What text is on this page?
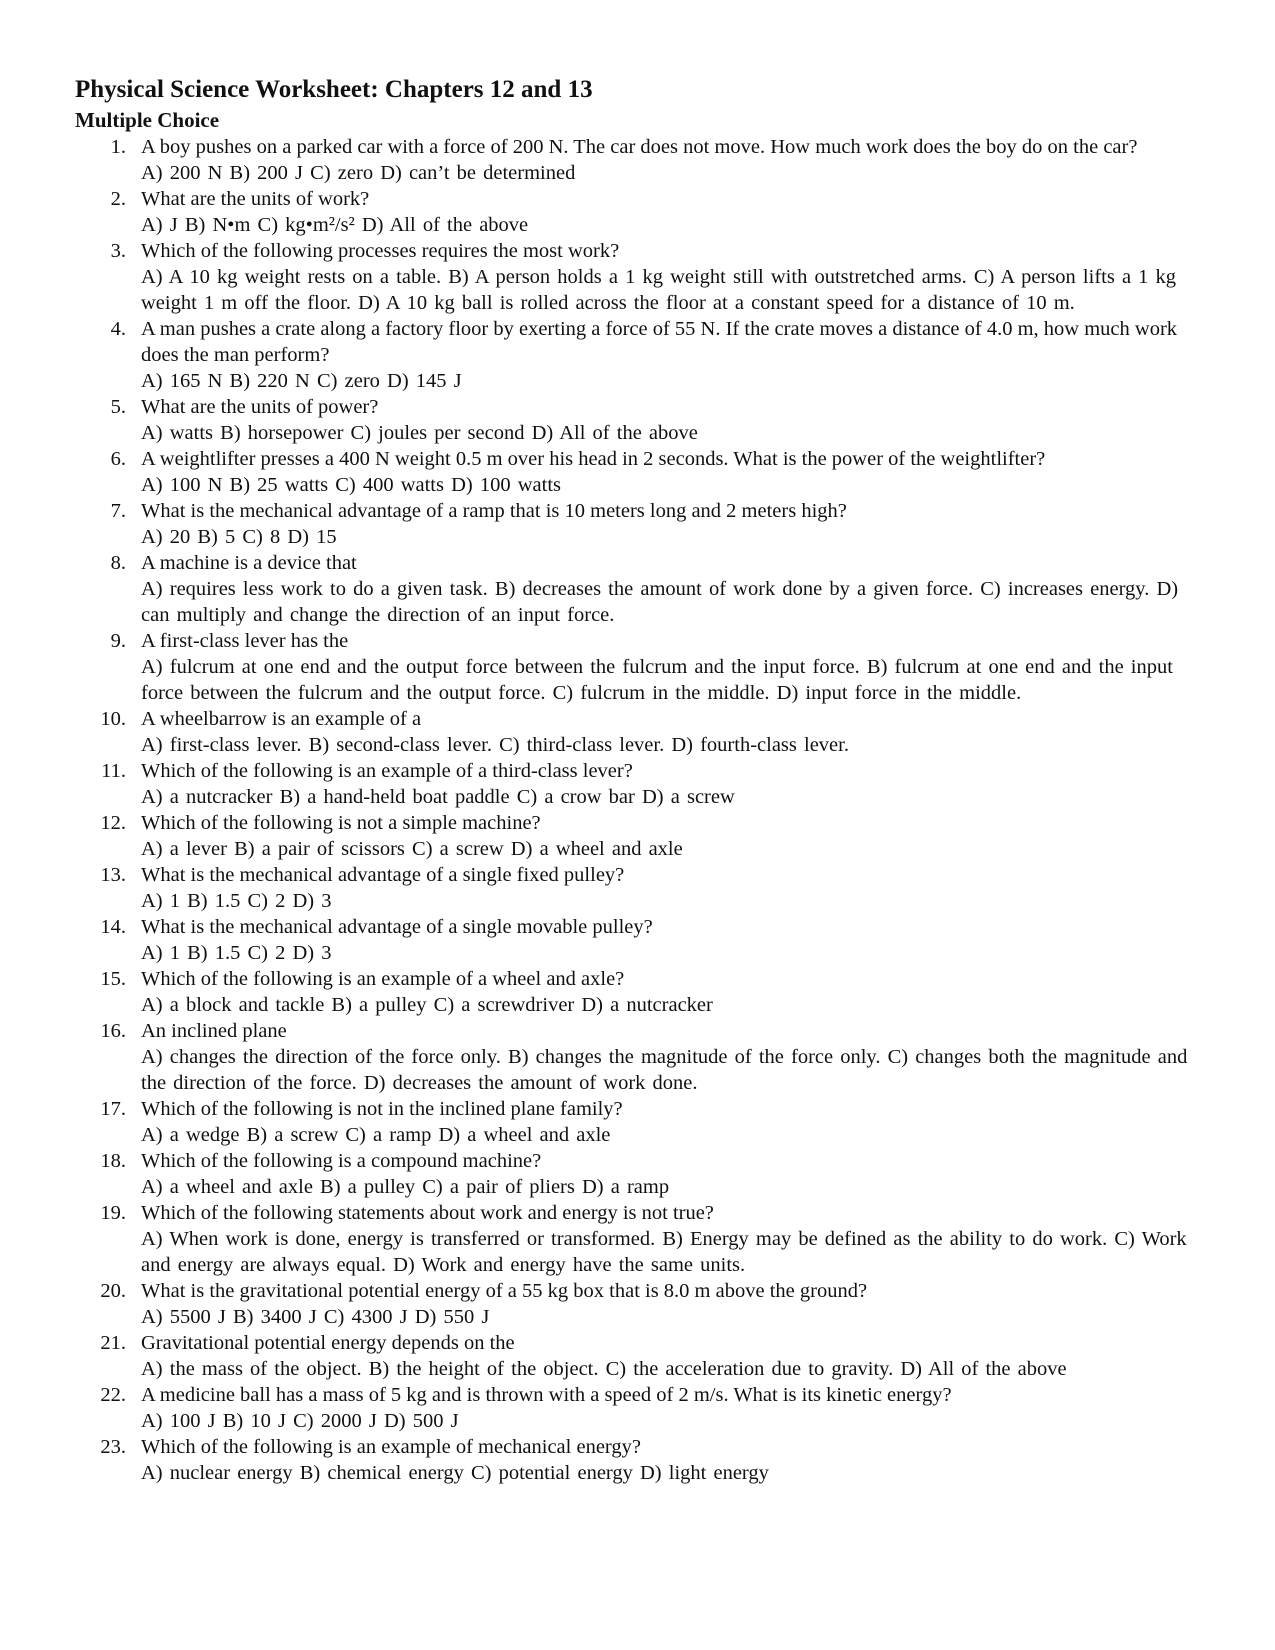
Physical Science Worksheet: Chapters 12 and 13
Multiple Choice
1. A boy pushes on a parked car with a force of 200 N. The car does not move. How much work does the boy do on the car?
A) 200 N B) 200 J C) zero D) can’t be determined
2. What are the units of work?
A) J B) N•m C) kg•m²/s² D) All of the above
3. Which of the following processes requires the most work?
A) A 10 kg weight rests on a table. B) A person holds a 1 kg weight still with outstretched arms. C) A person lifts a 1 kg weight 1 m off the floor. D) A 10 kg ball is rolled across the floor at a constant speed for a distance of 10 m.
4. A man pushes a crate along a factory floor by exerting a force of 55 N. If the crate moves a distance of 4.0 m, how much work does the man perform?
A) 165 N B) 220 N C) zero D) 145 J
5. What are the units of power?
A) watts B) horsepower C) joules per second D) All of the above
6. A weightlifter presses a 400 N weight 0.5 m over his head in 2 seconds. What is the power of the weightlifter?
A) 100 N B) 25 watts C) 400 watts D) 100 watts
7. What is the mechanical advantage of a ramp that is 10 meters long and 2 meters high?
A) 20 B) 5 C) 8 D) 15
8. A machine is a device that
A) requires less work to do a given task. B) decreases the amount of work done by a given force. C) increases energy. D) can multiply and change the direction of an input force.
9. A first-class lever has the
A) fulcrum at one end and the output force between the fulcrum and the input force. B) fulcrum at one end and the input force between the fulcrum and the output force. C) fulcrum in the middle. D) input force in the middle.
10. A wheelbarrow is an example of a
A) first-class lever. B) second-class lever. C) third-class lever. D) fourth-class lever.
11. Which of the following is an example of a third-class lever?
A) a nutcracker B) a hand-held boat paddle C) a crow bar D) a screw
12. Which of the following is not a simple machine?
A) a lever B) a pair of scissors C) a screw D) a wheel and axle
13. What is the mechanical advantage of a single fixed pulley?
A) 1 B) 1.5 C) 2 D) 3
14. What is the mechanical advantage of a single movable pulley?
A) 1 B) 1.5 C) 2 D) 3
15. Which of the following is an example of a wheel and axle?
A) a block and tackle B) a pulley C) a screwdriver D) a nutcracker
16. An inclined plane
A) changes the direction of the force only. B) changes the magnitude of the force only. C) changes both the magnitude and the direction of the force. D) decreases the amount of work done.
17. Which of the following is not in the inclined plane family?
A) a wedge B) a screw C) a ramp D) a wheel and axle
18. Which of the following is a compound machine?
A) a wheel and axle B) a pulley C) a pair of pliers D) a ramp
19. Which of the following statements about work and energy is not true?
A) When work is done, energy is transferred or transformed. B) Energy may be defined as the ability to do work. C) Work and energy are always equal. D) Work and energy have the same units.
20. What is the gravitational potential energy of a 55 kg box that is 8.0 m above the ground?
A) 5500 J B) 3400 J C) 4300 J D) 550 J
21. Gravitational potential energy depends on the
A) the mass of the object. B) the height of the object. C) the acceleration due to gravity. D) All of the above
22. A medicine ball has a mass of 5 kg and is thrown with a speed of 2 m/s. What is its kinetic energy?
A) 100 J B) 10 J C) 2000 J D) 500 J
23. Which of the following is an example of mechanical energy?
A) nuclear energy B) chemical energy C) potential energy D) light energy
